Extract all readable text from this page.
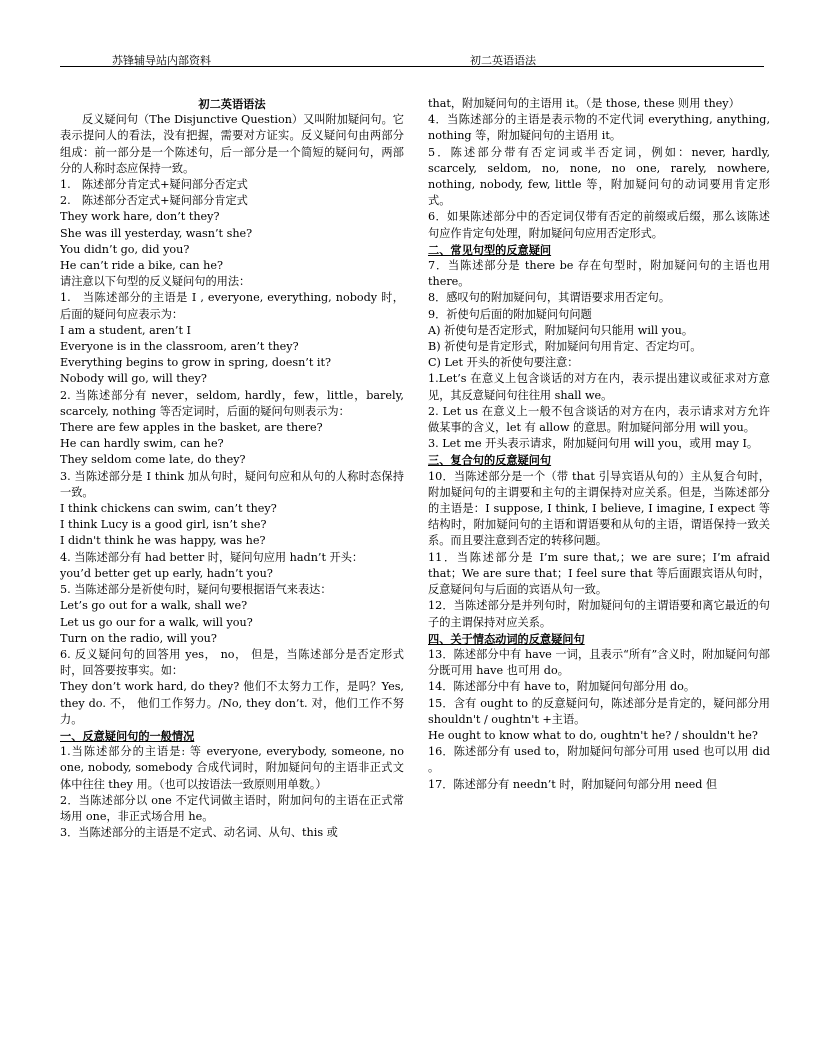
苏锋辅导站内部资料	初二英语语法

初二英语语法

反义疑问句（The Disjunctive Question）又叫附加疑问句。它表示提问人的看法，没有把握，需要对方证实。反义疑问句由两部分组成：前一部分是一个陈述句，后一部分是一个简短的疑问句，两部分的人称时态应保持一致。

1.　陈述部分肯定式+疑问部分否定式

2.　陈述部分否定式+疑问部分肯定式

They work hare, don’t they?

She was ill yesterday, wasn’t she?

You didn’t go, did you?

He can’t ride a bike, can he?

请注意以下句型的反义疑问句的用法：

1.　当陈述部分的主语是 I , everyone, everything, nobody 时，后面的疑问句应表示为：

I am a student, aren’t I

Everyone is in the classroom, aren’t they?

Everything begins to grow in spring, doesn’t it?

Nobody will go, will they?

2. 当陈述部分有 never，seldom, hardly，few，little，barely, scarcely, nothing 等否定词时，后面的疑问句则表示为：

There are few apples in the basket, are there?

He can hardly swim, can he?

They seldom come late, do they?

3. 当陈述部分是 I think 加从句时，疑问句应和从句的人称时态保持一致。

I think chickens can swim, can’t they?

I think Lucy is a good girl, isn’t she?

I didn't think he was happy, was he?

4. 当陈述部分有 had better 时，疑问句应用 hadn’t 开头：

you’d better get up early, hadn’t you?

5. 当陈述部分是祈使句时，疑问句要根据语气来表达：

Let’s go out for a walk, shall we?

Let us go our for a walk, will you?

Turn on the radio, will you?

6. 反义疑问句的回答用 yes， no， 但是，当陈述部分是否定形式时，回答要按事实。如：

They don’t work hard, do they? 他们不太努力工作，是吗？Yes, they do. 不， 他们工作努力。/No, they don’t. 对，他们工作不努力。

一、反意疑问句的一般情况

1.当陈述部分的主语是: 等 everyone, everybody, someone, no one, nobody, somebody 合成代词时，附加疑问句的主语非正式文体中往往 they 用。（也可以按语法一致原则用单数。）

2．当陈述部分以 one 不定代词做主语时，附加问句的主语在正式常场用 one，非正式场合用 he。

3．当陈述部分的主语是不定式、动名词、从句、this 或

that，附加疑问句的主语用 it。（是 those, these 则用 they）

4．当陈述部分的主语是表示物的不定代词 everything, anything, nothing 等，附加疑问句的主语用 it。

5．陈述部分带有否定词或半否定词，例如：never, hardly, scarcely, seldom, no, none, no one, rarely, nowhere, nothing, nobody, few, little 等，附加疑问句的动词要用肯定形式。

6．如果陈述部分中的否定词仅带有否定的前缀或后缀，那么该陈述句应作肯定句处理，附加疑问句应用否定形式。

二、常见句型的反意疑问

7．当陈述部分是 there be 存在句型时，附加疑问句的主语也用 there。

8．感叹句的附加疑问句，其谓语要求用否定句。

9．祈使句后面的附加疑问句问题

A) 祈使句是否定形式，附加疑问句只能用 will you。

B) 祈使句是肯定形式，附加疑问句用肯定、否定均可。

C) Let 开头的祈使句要注意：

1.Let’s 在意义上包含谈话的对方在内，表示提出建议或征求对方意见，其反意疑问句往往用 shall we。

2. Let us 在意义上一般不包含谈话的对方在内，表示请求对方允许做某事的含义，let 有 allow 的意思。附加疑问部分用 will you。

3. Let me 开头表示请求，附加疑问句用 will you，或用 may I。

三、复合句的反意疑问句

10．当陈述部分是一个（带 that 引导宾语从句的）主从复合句时，附加疑问句的主谓要和主句的主谓保持对应关系。但是，当陈述部分的主语是：I suppose, I think, I believe, I imagine, I expect 等结构时，附加疑问句的主语和谓语要和从句的主语，谓语保持一致关系。而且要注意到否定的转移问题。

11．当陈述部分是 I’m sure that,；we are sure；I’m afraid that；We are sure that；I feel sure that 等后面跟宾语从句时，反意疑问句与后面的宾语从句一致。

12．当陈述部分是并列句时，附加疑问句的主谓语要和离它最近的句子的主谓保持对应关系。

四、关于情态动词的反意疑问句

13．陈述部分中有 have 一词，且表示“所有”含义时，附加疑问句部分既可用 have 也可用 do。

14．陈述部分中有 have to，附加疑问句部分用 do。

15．含有 ought to 的反意疑问句，陈述部分是肯定的，疑问部分用 shouldn't / oughtn't +主语。

He ought to know what to do, oughtn't he? / shouldn't he?

16．陈述部分有 used to，附加疑问句部分可用 used 也可以用 did 。

17．陈述部分有 needn’t 时，附加疑问句部分用 need 但
